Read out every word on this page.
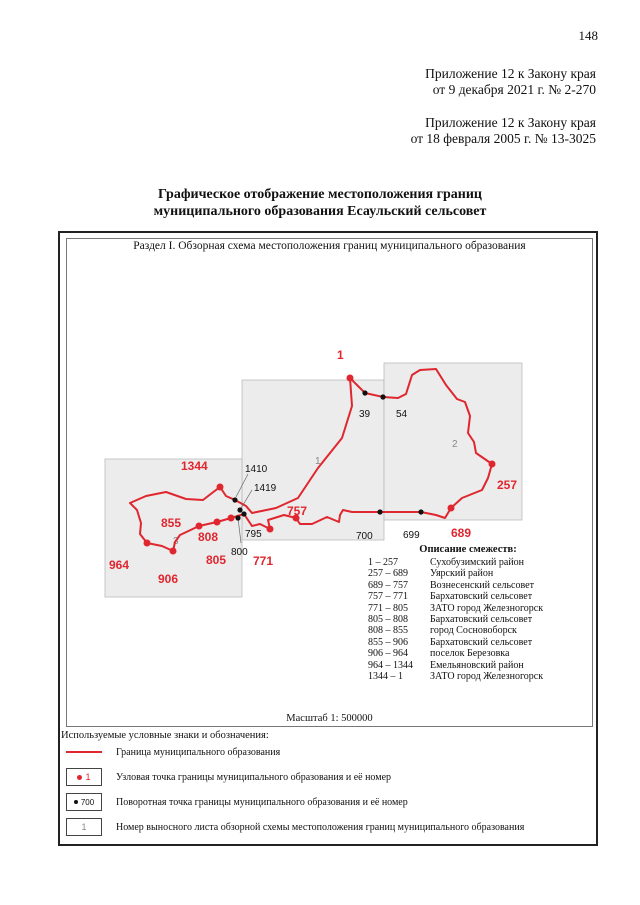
148
Приложение 12 к Закону края
от 9 декабря 2021 г. № 2-270
Приложение 12 к Закону края
от 18 февраля 2005 г. № 13-3025
Графическое отображение местоположения границ
муниципального образования Есаульский сельсовет
Раздел I. Обзорная схема местоположения границ муниципального образования
1
2
3
1
257
689
757
771
805
808
855
906
964
1344
39	54
700	699
795
800
1410
1419
Описание смежеств:
1 – 257	Сухобузимский район
257 – 689	Уярский район
689 – 757	Вознесенский сельсовет
757 – 771	Бархатовский сельсовет
771 – 805	ЗАТО город Железногорск
805 – 808	Бархатовский сельсовет
808 – 855	город Сосновоборск
855 – 906	Бархатовский сельсовет
906 – 964	поселок Березовка
964 – 1344	Емельяновский район
1344 – 1	ЗАТО город Железногорск
Масштаб 1: 500000
Используемые условные знаки и обозначения:
Граница муниципального образования
1	Узловая точка границы муниципального образования и её номер
700 Поворотная точка границы муниципального образования и её номер
1	Номер выносного листа обзорной схемы местоположения границ муниципального образования
